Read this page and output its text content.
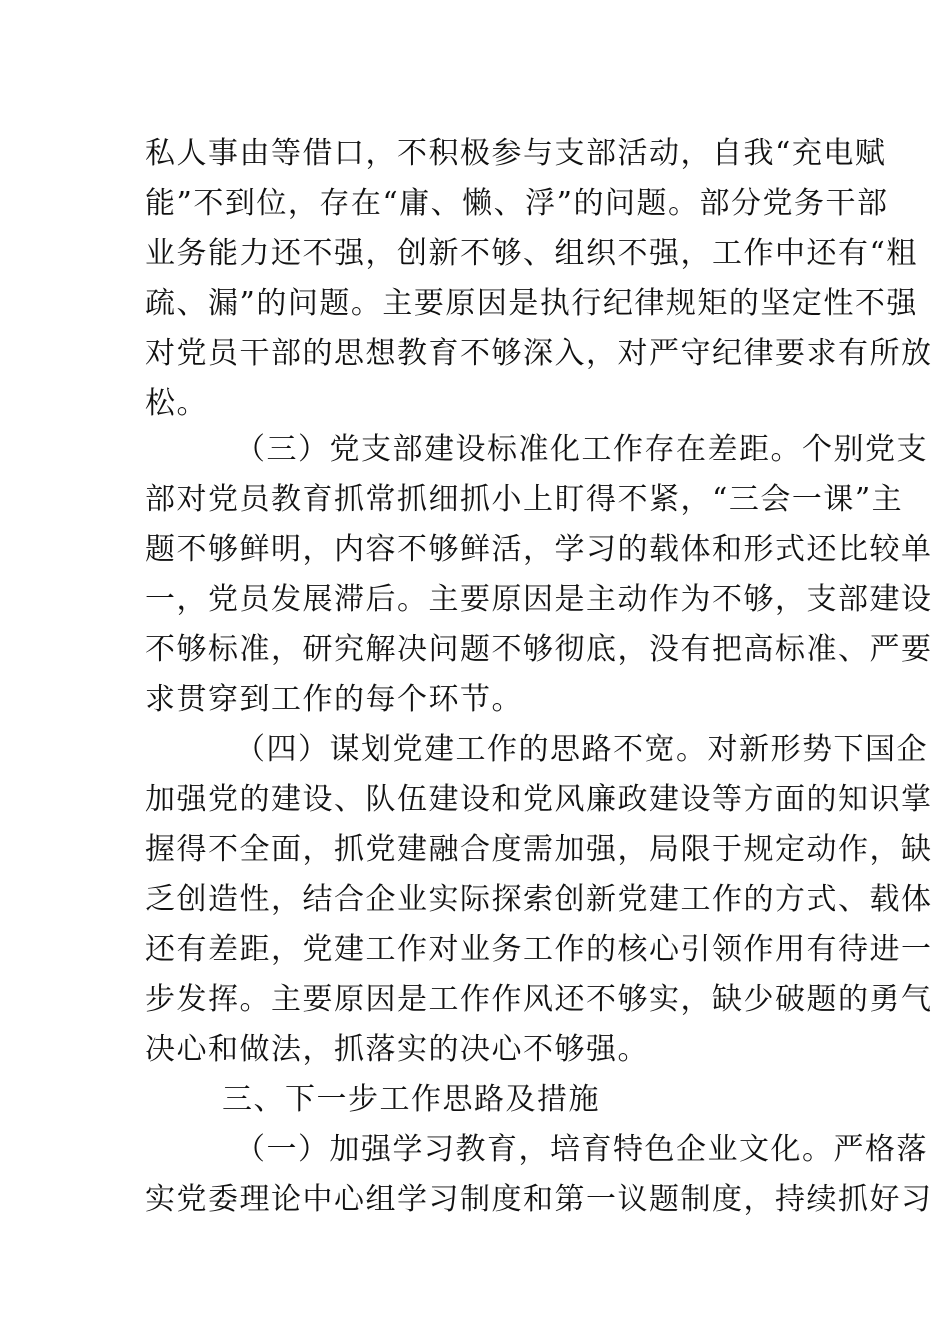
私人事由等借口，不积极参与支部活动，自我“充电赋
能”不到位，存在“庸、懒、浮”的问题。部分党务干部
业务能力还不强，创新不够、组织不强，工作中还有“粗
疏、漏”的问题。主要原因是执行纪律规矩的坚定性不强
对党员干部的思想教育不够深入，对严守纪律要求有所放
松。
（三）党支部建设标准化工作存在差距。个别党支
部对党员教育抓常抓细抓小上盯得不紧，“三会一课”主
题不够鲜明，内容不够鲜活，学习的载体和形式还比较单
一，党员发展滞后。主要原因是主动作为不够，支部建设
不够标准，研究解决问题不够彻底，没有把高标准、严要
求贯穿到工作的每个环节。
（四）谋划党建工作的思路不宽。对新形势下国企
加强党的建设、队伍建设和党风廉政建设等方面的知识掌
握得不全面，抓党建融合度需加强，局限于规定动作，缺
乏创造性，结合企业实际探索创新党建工作的方式、载体
还有差距，党建工作对业务工作的核心引领作用有待进一
步发挥。主要原因是工作作风还不够实，缺少破题的勇气
决心和做法，抓落实的决心不够强。
三、下一步工作思路及措施
（一）加强学习教育，培育特色企业文化。严格落
实党委理论中心组学习制度和第一议题制度，持续抓好习
